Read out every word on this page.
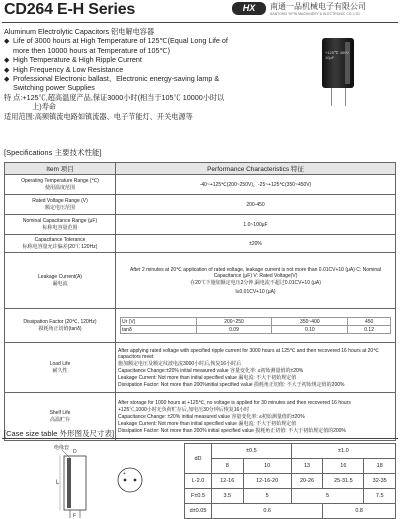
CD264 E-H Series	HX	南通一品机械电子有限公司
NANTONG YIPIN MACHINERY & ELECTRONIC CO.,LTD
Aluminum Electrolytic Capacitors 铝电解电容器
◆ Life of 3000 hours at High Temperature of 125℃(Equal Long Life of
more then 10000 hours at Temperature of 105℃)
◆ High Temperature & High Ripple Current
◆ High Frequency & Low Resistance
◆ Professional Electronic ballast、Electronic energy-saving lamp &
Switching power Supplies
特 点:+125℃,超高温度产品,保证3000小时(相当于105℃ 10000小时以
上)寿命
适用范围:高频镇流电路如镇流器、电子节能灯、开关电源等
+125℃ 450V 10μF
[Specifications 主要技术性能]
Item 项目	Performance Characteristics 特征

Operating Temperature Range (℃)
使用温度范围	-40~+125℃(200~250V)，-25~+125℃(350~450V)

Rated Voltage Range (V)
额定电压范围
	200-450

Nominal Capacitance Range (μF)
标称电容量范围
	1.0~100μF

Capacitance Tolerance
标称电容量允许偏差(20℃ 120Hz)
	±20%

Leakage Current(A)
漏电流

After 2 minutes at 20℃ application of rated voltage, leakage current is not more than 0.01CV+10 (μA) C: Nominal
Capacitance (μF) V: Rated Voltage(V)
在20℃下施加额定电压2分钟,漏电流不超过0.01CV+10 (μA)
I≤0.01CV+10 (μA)

Dissipation Factor (20℃, 120Hz)
损耗角正切值(tanδ)

Ur (V)	200~250	350~400	450
tanδ	0.09	0.10	0.12

Load Life
耐久性

After applying rated voltage with specified ripple current for 3000 hours at 125℃ and then recovered 16 hours at 20℃ capacitors meet
施加额定电压及额定纹波电流3000小时后,恢复16小时后
Capacitance Change:±20% initial measured value 容量变化率: ≤初始测量值的±20%
Leakage Current: Not more than initial specified value 漏电流: 不大于初始规定值
Dissipation Factor: Not more than 200%initial specified value 损耗角正切值: 不大于初始规定值的200%

Shelf Life
高温贮存

After storage for 1000 hours at +125℃, no voltage is applied for 30 minutes and then recovered 16 hours
+125℃,1000小时无负荷贮存后,加电压30分钟后恢复16小时
Capacitance Change: ±20% initial measured value 容量变化率: ≤初始测量值的±20%
Leakage Current: Not more than initial specified value 漏电流: 不大于初始规定值
Dissipation Factor: Not more than 200% initial specified value 损耗角正切值: 不大于初始规定值的200%
[Case size table 外形图及尺寸表]
绝缘套
L
D
F
+
dD	±0.5		±1.0		
	8	10	13	16	18
L-2.0	12-16	12-16-20	20-26	25-31.5	32-35
F±0.5	3.5	5	5		7.5
d±0.05	0.6			0.8	
